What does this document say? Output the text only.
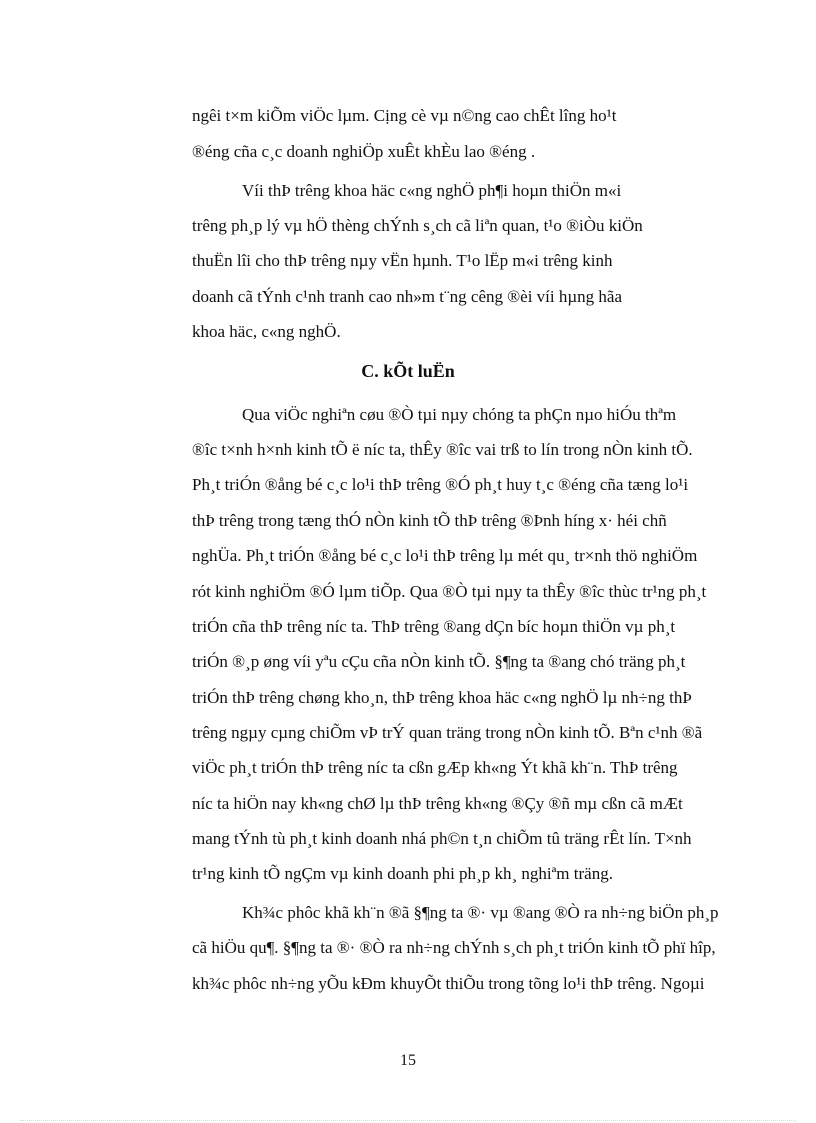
ngêi t×m kiÕm viÖc lµm. Cịng cè vµ n©ng cao chÊt lîng ho¹t
®éng cña c¸c doanh nghiÖp xuÊt khÈu lao ®éng .
Víi thÞ trêng khoa häc c«ng nghÖ ph¶i hoµn thiÖn m«i
trêng ph¸p lý vµ hÖ thèng chÝnh s¸ch cã liªn quan, t¹o ®iÒu kiÖn
thuËn lîi cho thÞ trêng nµy vËn hµnh. T¹o lËp m«i trêng kinh
doanh cã tÝnh c¹nh tranh cao nh»m t¨ng cêng ®èi víi hµng hãa
khoa häc, c«ng nghÖ.
C. kÕt luËn
Qua viÖc nghiªn cøu ®Ò tµi nµy chóng ta phÇn nµo hiÓu thªm
®îc t×nh h×nh kinh tÕ ë níc ta, thÊy ®îc vai trß to lín trong nÒn kinh tÕ.
Ph¸t triÓn ®ång bé c¸c lo¹i thÞ trêng ®Ó ph¸t huy t¸c ®éng cña tæng lo¹i
thÞ trêng trong tæng thÓ nÒn kinh tÕ thÞ trêng ®Þnh híng x· héi chñ
nghÜa. Ph¸t triÓn ®ång bé c¸c lo¹i thÞ trêng lµ mét qu¸ tr×nh thö nghiÖm
rót kinh nghiÖm ®Ó lµm tiÕp. Qua ®Ò tµi nµy ta thÊy ®îc thùc tr¹ng ph¸t
triÓn cña thÞ trêng níc ta. ThÞ trêng ®ang dÇn bíc hoµn thiÖn vµ ph¸t
triÓn ®¸p øng víi yªu cÇu cña nÒn kinh tÕ. §¶ng ta ®ang chó träng ph¸t
triÓn thÞ trêng chøng kho¸n, thÞ trêng khoa häc c«ng nghÖ lµ nh÷ng thÞ
trêng ngµy cµng chiÕm vÞ trÝ quan träng trong nÒn kinh tÕ. Bªn c¹nh ®ã
viÖc ph¸t triÓn thÞ trêng níc ta cßn gÆp kh«ng Ýt khã kh¨n. ThÞ trêng
níc ta hiÖn nay kh«ng chØ lµ thÞ trêng kh«ng ®Çy ®ñ mµ cßn cã mÆt
mang tÝnh tù ph¸t kinh doanh nhá ph©n t¸n chiÕm tû träng rÊt lín. T×nh
tr¹ng kinh tÕ ngÇm vµ kinh doanh phi ph¸p kh¸ nghiªm träng.
Kh¾c phôc khã kh¨n ®ã §¶ng ta ®· vµ ®ang ®Ò ra nh÷ng biÖn ph¸p
cã hiÖu qu¶. §¶ng ta ®· ®Ò ra nh÷ng chÝnh s¸ch ph¸t triÓn kinh tÕ phï hîp,
kh¾c phôc nh÷ng yÕu kÐm khuyÕt thiÕu trong tõng lo¹i thÞ trêng. Ngoµi
15
